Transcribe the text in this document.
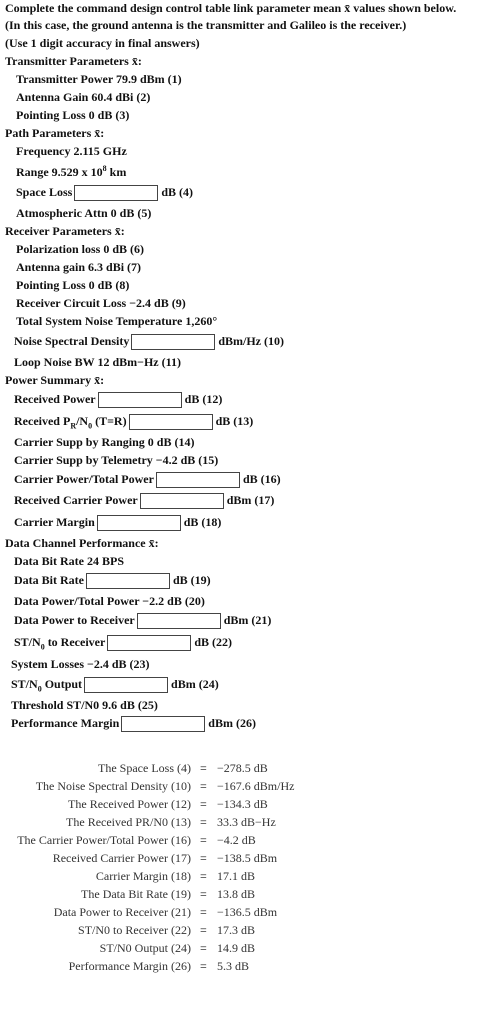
Complete the command design control table link parameter mean x̄ values shown below.
(In this case, the ground antenna is the transmitter and Galileo is the receiver.)
(Use 1 digit accuracy in final answers)
Transmitter Parameters x̄:
Transmitter Power 79.9 dBm (1)
Antenna Gain 60.4 dBi (2)
Pointing Loss 0 dB (3)
Path Parameters x̄:
Frequency 2.115 GHz
Range 9.529 x $10^8$ km
Space Loss	dB (4)
Atmospheric Attn 0 dB (5)
Receiver Parameters x̄:
Polarization loss 0 dB (6)
Antenna gain 6.3 dBi (7)
Pointing Loss 0 dB (8)
Receiver Circuit Loss −2.4 dB (9)
Total System Noise Temperature 1,260°
Noise Spectral Density	dBm/Hz (10)
Loop Noise BW 12 dBm−Hz (11)
Power Summary x̄:
Received Power	dB (12)
Received $P_R/N_0$ (T=R)	dB (13)
Carrier Supp by Ranging 0 dB (14)
Carrier Supp by Telemetry −4.2 dB (15)
Carrier Power/Total Power	dB (16)
Received Carrier Power	dBm (17)
Carrier Margin	dB (18)
Data Channel Performance x̄:
Data Bit Rate 24 BPS
Data Bit Rate	dB (19)
Data Power/Total Power −2.2 dB (20)
Data Power to Receiver	dBm (21)
$ST/N_0$ to Receiver	dB (22)
System Losses −2.4 dB (23)
$ST/N_0$ Output	dBm (24)
Threshold ST/N0 9.6 dB (25)
Performance Margin	dBm (26)
The Space Loss (4) = −278.5 dB
The Noise Spectral Density (10) = −167.6 dBm/Hz
The Received Power (12) = −134.3 dB
The Received PR/N0 (13) = 33.3 dB−Hz
The Carrier Power/Total Power (16) = −4.2 dB
Received Carrier Power (17) = −138.5 dBm
Carrier Margin (18) = 17.1 dB
The Data Bit Rate (19) = 13.8 dB
Data Power to Receiver (21) = −136.5 dBm
ST/N0 to Receiver (22) = 17.3 dB
ST/N0 Output (24) = 14.9 dB
Performance Margin (26) = 5.3 dB
